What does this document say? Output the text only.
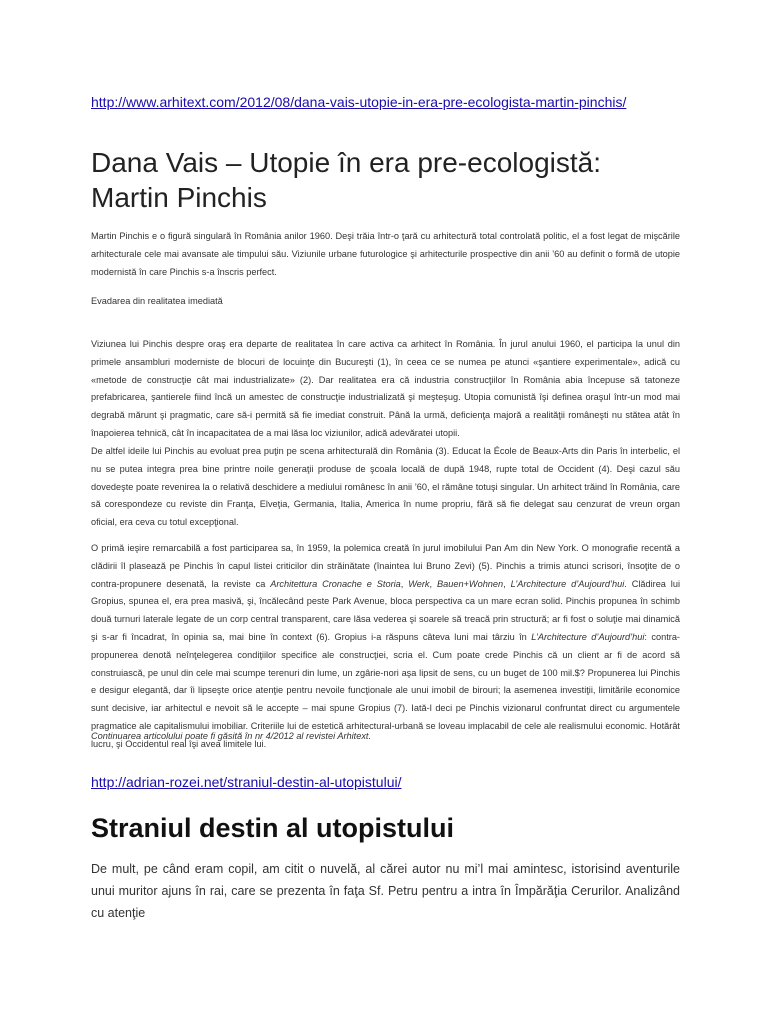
http://www.arhitext.com/2012/08/dana-vais-utopie-in-era-pre-ecologista-martin-pinchis/
Dana Vais – Utopie în era pre-ecologistă: Martin Pinchis

Martin Pinchis e o figură singulară în România anilor 1960. Deşi trăia într-o ţară cu arhitectură total controlată politic, el a fost legat de mişcările arhitecturale cele mai avansate ale timpului său. Viziunile urbane futurologice şi arhitecturile prospective din anii ’60 au definit o formă de utopie modernistă în care Pinchis s-a înscris perfect.

Evadarea din realitatea imediată

Viziunea lui Pinchis despre oraş era departe de realitatea în care activa ca arhitect în România. În jurul anului 1960, el participa la unul din primele ansambluri moderniste de blocuri de locuinţe din Bucureşti (1), în ceea ce se numea pe atunci «şantiere experimentale», adică cu «metode de construcţie cât mai industrializate» (2). Dar realitatea era că industria construcţiilor în România abia începuse să tatoneze prefabricarea, şantierele fiind încă un amestec de construcţie industrializată şi meşteşug. Utopia comunistă îşi definea oraşul într-un mod mai degrabă mărunt şi pragmatic, care să-i permită să fie imediat construit. Până la urmă, deficienţa majoră a realităţii româneşti nu stătea atât în înapoierea tehnică, cât în incapacitatea de a mai lăsa loc viziunilor, adică adevăratei utopii.

De altfel ideile lui Pinchis au evoluat prea puţin pe scena arhitecturală din România (3). Educat la École de Beaux-Arts din Paris în interbelic, el nu se putea integra prea bine printre noile generaţii produse de şcoala locală de după 1948, rupte total de Occident (4). Deşi cazul său dovedeşte poate revenirea la o relativă deschidere a mediului românesc în anii ’60, el rămâne totuşi singular. Un arhitect trăind în România, care să corespondeze cu reviste din Franţa, Elveţia, Germania, Italia, America în nume propriu, fără să fie delegat sau cenzurat de vreun organ oficial, era ceva cu totul excepţional.

O primă ieşire remarcabilă a fost participarea sa, în 1959, la polemica creată în jurul imobilului Pan Am din New York. O monografie recentă a clădirii îl plasează pe Pinchis în capul listei criticilor din străinătate (înaintea lui Bruno Zevi) (5). Pinchis a trimis atunci scrisori, însoţite de o contra-propunere desenată, la reviste ca Architettura Cronache e Storia, Werk, Bauen+Wohnen, L’Architecture d’Aujourd’hui. Clădirea lui Gropius, spunea el, era prea masivă, şi, încălecând peste Park Avenue, bloca perspectiva ca un mare ecran solid. Pinchis propunea în schimb două turnuri laterale legate de un corp central transparent, care lăsa vederea şi soarele să treacă prin structură; ar fi fost o soluţie mai dinamică şi s-ar fi încadrat, în opinia sa, mai bine în context (6). Gropius i-a răspuns câteva luni mai târziu în L’Architecture d’Aujourd’hui: contra-propunerea denotă neînţelegerea condiţiilor specifice ale construcţiei, scria el. Cum poate crede Pinchis că un client ar fi de acord să construiască, pe unul din cele mai scumpe terenuri din lume, un zgârie-nori aşa lipsit de sens, cu un buget de 100 mil.$? Propunerea lui Pinchis e desigur elegantă, dar îi lipseşte orice atenţie pentru nevoile funcţionale ale unui imobil de birouri; la asemenea investiţii, limitările economice sunt decisive, iar arhitectul e nevoit să le accepte – mai spune Gropius (7). Iată-l deci pe Pinchis vizionarul confruntat direct cu argumentele pragmatice ale capitalismului imobiliar. Criteriile lui de estetică arhitectural-urbană se loveau implacabil de cele ale realismului economic. Hotărât lucru, şi Occidentul real îşi avea limitele lui.

Continuarea articolului poate fi găsită în nr 4/2012 al revistei Arhitext.

http://adrian-rozei.net/straniul-destin-al-utopistului/
Straniul destin al utopistului

De mult, pe când eram copil, am citit o nuvelă, al cărei autor nu mi’l mai amintesc, istorisind aventurile unui muritor ajuns în rai, care se prezenta în faţa Sf. Petru pentru a intra în Împărăţia Cerurilor. Analizând cu atenţie
